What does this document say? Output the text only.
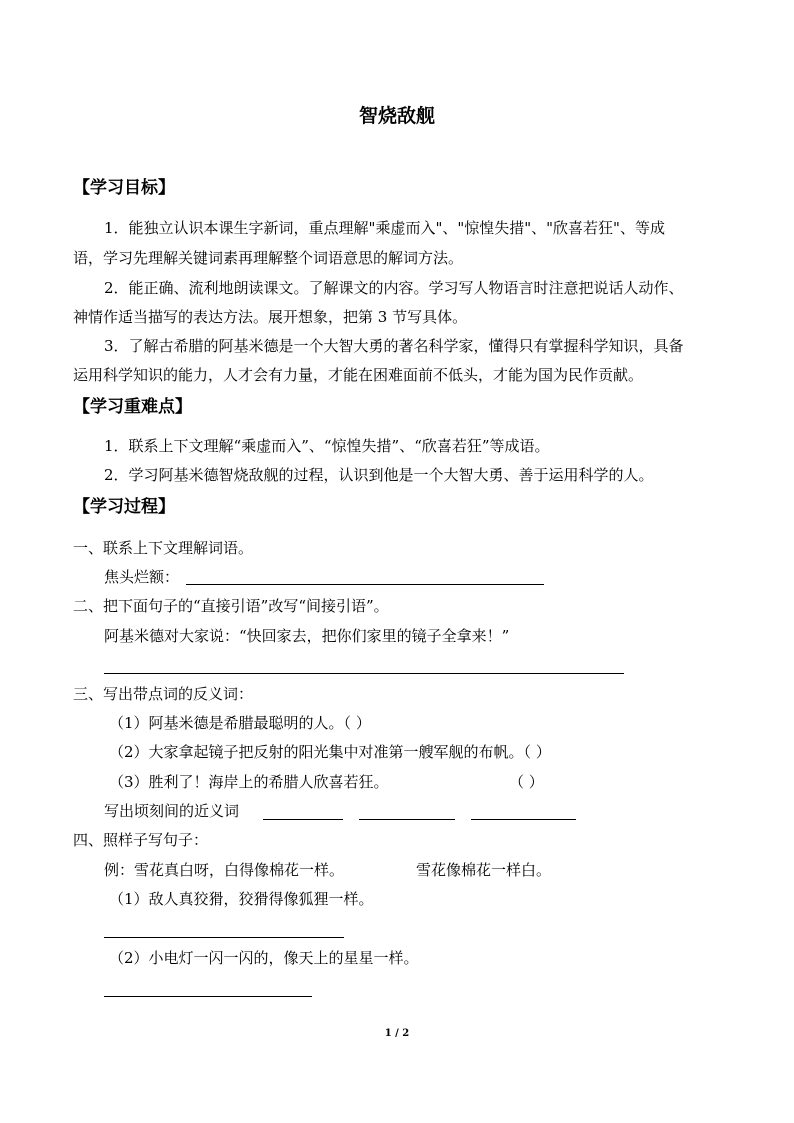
智烧敌舰
【学习目标】
1．能独立认识本课生字新词，重点理解"乘虚而入"、"惊惶失措"、"欣喜若狂"、等成
语，学习先理解关键词素再理解整个词语意思的解词方法。
2．能正确、流利地朗读课文。了解课文的内容。学习写人物语言时注意把说话人动作、
神情作适当描写的表达方法。展开想象，把第 3 节写具体。
3．了解古希腊的阿基米德是一个大智大勇的著名科学家，懂得只有掌握科学知识，具备
运用科学知识的能力，人才会有力量，才能在困难面前不低头，才能为国为民作贡献。
【学习重难点】
1．联系上下文理解“乘虚而入”、“惊惶失措”、“欣喜若狂”等成语。
2．学习阿基米德智烧敌舰的过程，认识到他是一个大智大勇、善于运用科学的人。
【学习过程】
一、联系上下文理解词语。
焦头烂额：
二、把下面句子的“直接引语”改写“间接引语”。
阿基米德对大家说：“快回家去，把你们家里的镜子全拿来！”
三、写出带点词的反义词：
（1）阿基米德是希腊最聪明的人。（ ）
（2）大家拿起镜子把反射的阳光集中对准第一艘军舰的布帆。（ ）
（3）胜利了！海岸上的希腊人欣喜若狂。	（ ）
写出顷刻间的近义词
四、照样子写句子：
例：雪花真白呀，白得像棉花一样。	雪花像棉花一样白。
（1）敌人真狡猾，狡猾得像狐狸一样。
（2）小电灯一闪一闪的，像天上的星星一样。
1 / 2
